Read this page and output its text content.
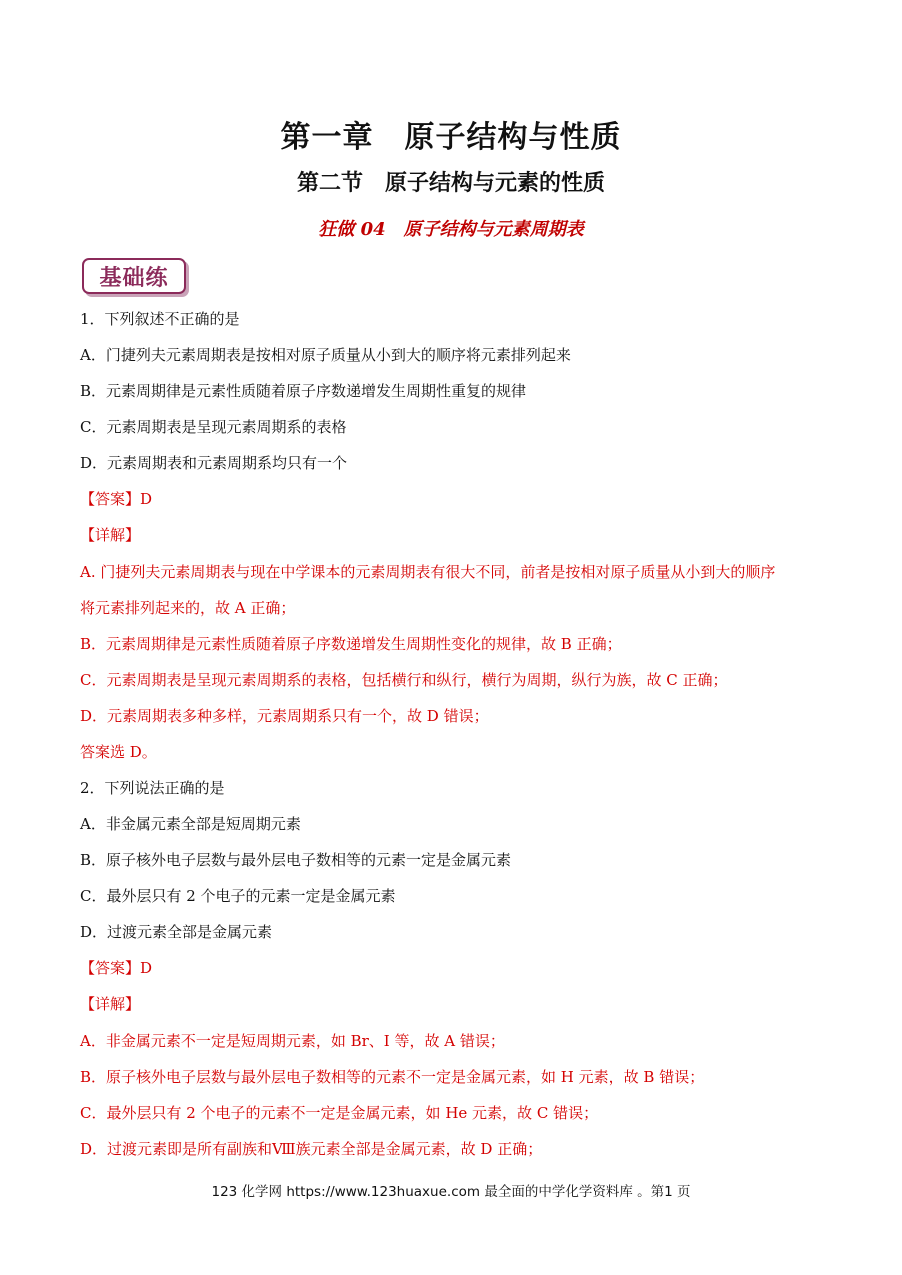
第一章　原子结构与性质
第二节　原子结构与元素的性质
狂做 04　原子结构与元素周期表
基础练
1．下列叙述不正确的是
A．门捷列夫元素周期表是按相对原子质量从小到大的顺序将元素排列起来
B．元素周期律是元素性质随着原子序数递增发生周期性重复的规律
C．元素周期表是呈现元素周期系的表格
D．元素周期表和元素周期系均只有一个
【答案】D
【详解】
A. 门捷列夫元素周期表与现在中学课本的元素周期表有很大不同，前者是按相对原子质量从小到大的顺序
将元素排列起来的，故 A 正确；
B．元素周期律是元素性质随着原子序数递增发生周期性变化的规律，故 B 正确；
C．元素周期表是呈现元素周期系的表格，包括横行和纵行，横行为周期，纵行为族，故 C 正确；
D．元素周期表多种多样，元素周期系只有一个，故 D 错误；
答案选 D。
2．下列说法正确的是
A．非金属元素全部是短周期元素
B．原子核外电子层数与最外层电子数相等的元素一定是金属元素
C．最外层只有 2 个电子的元素一定是金属元素
D．过渡元素全部是金属元素
【答案】D
【详解】
A．非金属元素不一定是短周期元素，如 Br、I 等，故 A 错误；
B．原子核外电子层数与最外层电子数相等的元素不一定是金属元素，如 H 元素，故 B 错误；
C．最外层只有 2 个电子的元素不一定是金属元素，如 He 元素，故 C 错误；
D．过渡元素即是所有副族和Ⅷ族元素全部是金属元素，故 D 正确；
123 化学网 https://www.123huaxue.com 最全面的中学化学资料库 。第1 页
